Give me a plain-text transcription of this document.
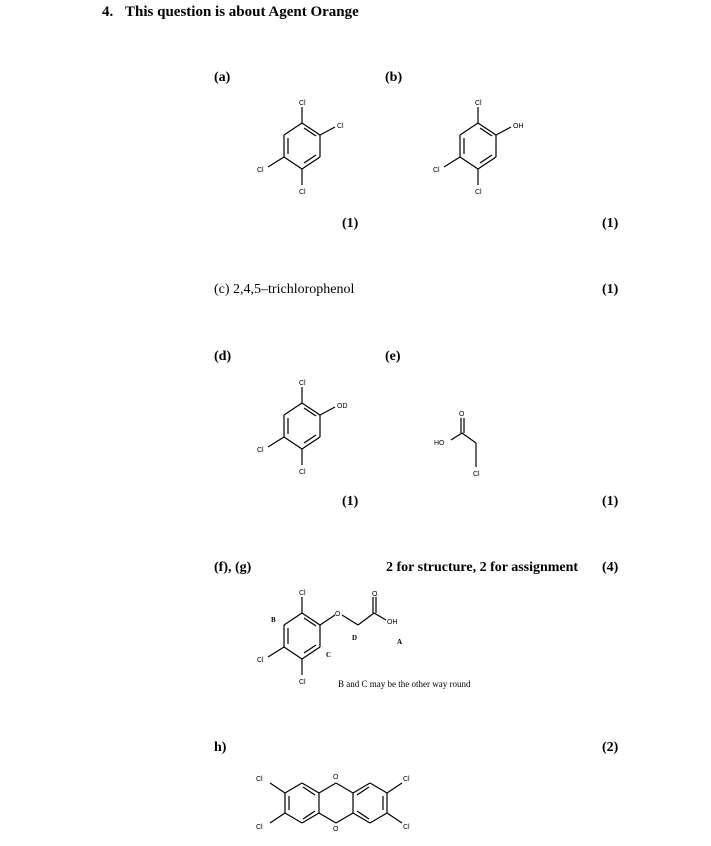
4. This question is about Agent Orange
(a)	(b)
Cl
Cl
Cl
Cl
Cl
OH
Cl
Cl
(1)	(1)
(c) 2,4,5–trichlorophenol	(1)
(d)	(e)
Cl
OD
Cl
Cl
O
HO
Cl
(1)	(1)
(f), (g)	2 for structure, 2 for assignment (4)
Cl
Cl
Cl
O
O
OH
B
C
D	A
B and C may be the other way round
h)	(2)
O
O
Cl
Cl
Cl
Cl
